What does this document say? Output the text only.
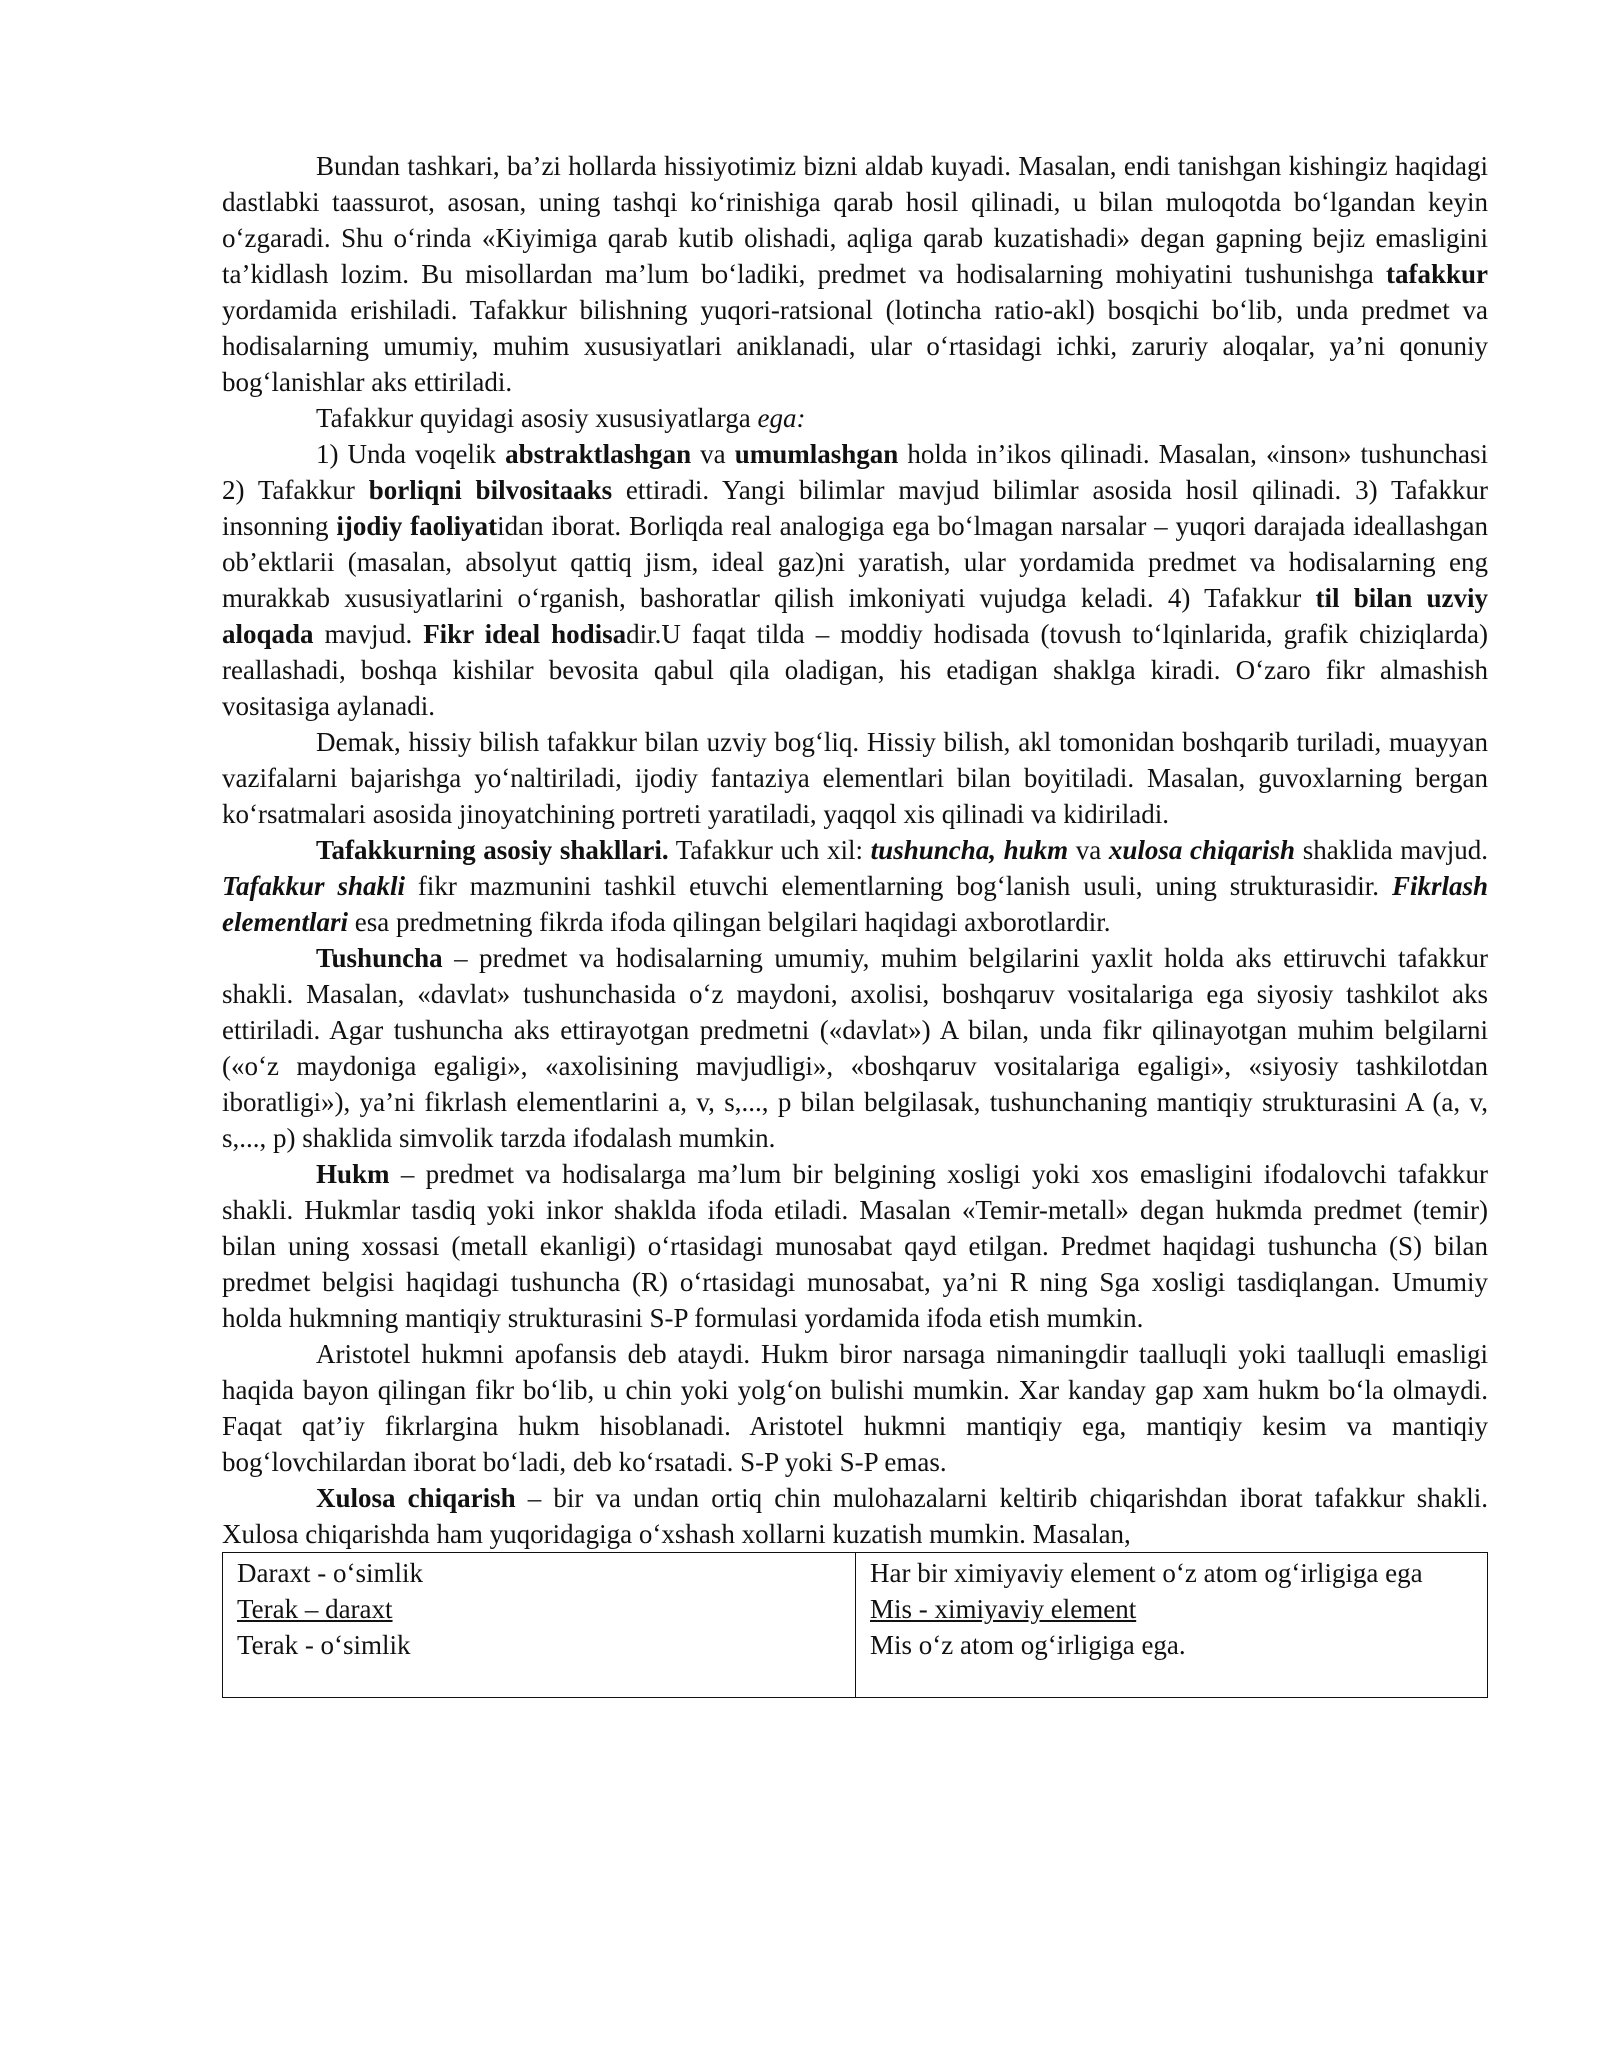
Bundan tashkari, ba’zi hollarda hissiyotimiz bizni aldab kuyadi. Masalan, endi tanishgan kishingiz haqidagi dastlabki taassurot, asosan, uning tashqi ko‘rinishiga qarab hosil qilinadi, u bilan muloqotda bo‘lgandan keyin o‘zgaradi. Shu o‘rinda «Kiyimiga qarab kutib olishadi, aqliga qarab kuzatishadi» degan gapning bejiz emasligini ta’kidlash lozim. Bu misollardan ma’lum bo‘ladiki, predmet va hodisalarning mohiyatini tushunishga tafakkur yordamida erishiladi. Tafakkur bilishning yuqori-ratsional (lotincha ratio-akl) bosqichi bo‘lib, unda predmet va hodisalarning umumiy, muhim xususiyatlari aniklanadi, ular o‘rtasidagi ichki, zaruriy aloqalar, ya’ni qonuniy bog‘lanishlar aks ettiriladi.

Tafakkur quyidagi asosiy xususiyatlarga ega:

1) Unda voqelik abstraktlashgan va umumlashgan holda in’ikos qilinadi. Masalan, «inson» tushunchasi 2) Tafakkur borliqni bilvositaaks ettiradi. Yangi bilimlar mavjud bilimlar asosida hosil qilinadi. 3) Tafakkur insonning ijodiy faoliyatidan iborat. Borliqda real analogiga ega bo‘lmagan narsalar – yuqori darajada ideallashgan ob’ektlarii (masalan, absolyut qattiq jism, ideal gaz)ni yaratish, ular yordamida predmet va hodisalarning eng murakkab xususiyatlarini o‘rganish, bashoratlar qilish imkoniyati vujudga keladi. 4) Tafakkur til bilan uzviy aloqada mavjud. Fikr ideal hodisadir.U faqat tilda – moddiy hodisada (tovush to‘lqinlarida, grafik chiziqlarda) reallashadi, boshqa kishilar bevosita qabul qila oladigan, his etadigan shaklga kiradi. O‘zaro fikr almashish vositasiga aylanadi.

Demak, hissiy bilish tafakkur bilan uzviy bog‘liq. Hissiy bilish, akl tomonidan boshqarib turiladi, muayyan vazifalarni bajarishga yo‘naltiriladi, ijodiy fantaziya elementlari bilan boyitiladi. Masalan, guvoxlarning bergan ko‘rsatmalari asosida jinoyatchining portreti yaratiladi, yaqqol xis qilinadi va kidiriladi.

Tafakkurning asosiy shakllari. Tafakkur uch xil: tushuncha, hukm va xulosa chiqarish shaklida mavjud. Tafakkur shakli fikr mazmunini tashkil etuvchi elementlarning bog‘lanish usuli, uning strukturasidir. Fikrlash elementlari esa predmetning fikrda ifoda qilingan belgilari haqidagi axborotlardir.

Tushuncha – predmet va hodisalarning umumiy, muhim belgilarini yaxlit holda aks ettiruvchi tafakkur shakli. Masalan, «davlat» tushunchasida o‘z maydoni, axolisi, boshqaruv vositalariga ega siyosiy tashkilot aks ettiriladi. Agar tushuncha aks ettirayotgan predmetni («davlat») A bilan, unda fikr qilinayotgan muhim belgilarni («o‘z maydoniga egaligi», «axolisining mavjudligi», «boshqaruv vositalariga egaligi», «siyosiy tashkilotdan iboratligi»), ya’ni fikrlash elementlarini a, v, s,..., p bilan belgilasak, tushunchaning mantiqiy strukturasini A (a, v, s,..., p) shaklida simvolik tarzda ifodalash mumkin.

Hukm – predmet va hodisalarga ma’lum bir belgining xosligi yoki xos emasligini ifodalovchi tafakkur shakli. Hukmlar tasdiq yoki inkor shaklda ifoda etiladi. Masalan «Temir-metall» degan hukmda predmet (temir) bilan uning xossasi (metall ekanligi) o‘rtasidagi munosabat qayd etilgan. Predmet haqidagi tushuncha (S) bilan predmet belgisi haqidagi tushuncha (R) o‘rtasidagi munosabat, ya’ni R ning Sga xosligi tasdiqlangan. Umumiy holda hukmning mantiqiy strukturasini S-P formulasi yordamida ifoda etish mumkin.

Aristotel hukmni apofansis deb ataydi. Hukm biror narsaga nimaningdir taalluqli yoki taalluqli emasligi haqida bayon qilingan fikr bo‘lib, u chin yoki yolg‘on bulishi mumkin. Xar kanday gap xam hukm bo‘la olmaydi. Faqat qat’iy fikrlargina hukm hisoblanadi. Aristotel hukmni mantiqiy ega, mantiqiy kesim va mantiqiy bog‘lovchilardan iborat bo‘ladi, deb ko‘rsatadi. S-P yoki S-P emas.

Xulosa chiqarish – bir va undan ortiq chin mulohazalarni keltirib chiqarishdan iborat tafakkur shakli. Xulosa chiqarishda ham yuqoridagiga o‘xshash xollarni kuzatish mumkin. Masalan,

Daraxt - o‘simlik
Terak – daraxt
Terak - o‘simlik

Har bir ximiyaviy element o‘z atom og‘irligiga ega
Mis - ximiyaviy element
Mis o‘z atom og‘irligiga ega.
